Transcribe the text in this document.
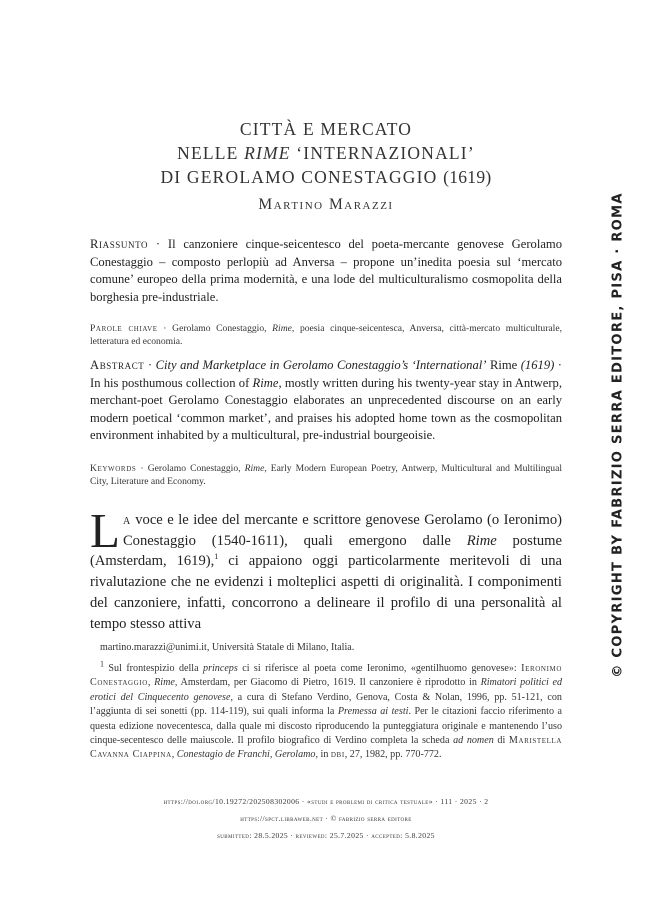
CITTÀ E MERCATO
NELLE RIME ‘INTERNAZIONALI’
DI GEROLAMO CONESTAGGIO (1619)
Martino Marazzi
Riassunto · Il canzoniere cinque-seicentesco del poeta-mercante genovese Gerolamo Conestaggio – composto perlopiù ad Anversa – propone un’inedita poesia sul ‘mercato comune’ europeo della prima modernità, e una lode del multiculturalismo cosmopolita della borghesia pre-industriale.
Parole chiave · Gerolamo Conestaggio, Rime, poesia cinque-seicentesca, Anversa, città-mercato multiculturale, letteratura ed economia.
Abstract · City and Marketplace in Gerolamo Conestaggio’s ‘International’ Rime (1619) · In his posthumous collection of Rime, mostly written during his twenty-year stay in Antwerp, merchant-poet Gerolamo Conestaggio elaborates an unprecedented discourse on an early modern poetical ‘common market’, and praises his adopted home town as the cosmopolitan environment inhabited by a multicultural, pre-industrial bourgeoisie.
Keywords · Gerolamo Conestaggio, Rime, Early Modern European Poetry, Antwerp, Multicultural and Multilingual City, Literature and Economy.
La voce e le idee del mercante e scrittore genovese Gerolamo (o Ieronimo) Conestaggio (1540-1611), quali emergono dalle Rime postume (Amsterdam, 1619),$^1$ ci appaiono oggi particolarmente meritevoli di una rivalutazione che ne evidenzi i molteplici aspetti di originalità. I componimenti del canzoniere, infatti, concorrono a delineare il profilo di una personalità al tempo stesso attiva
martino.marazzi@unimi.it, Università Statale di Milano, Italia.
$^1$ Sul frontespizio della princeps ci si riferisce al poeta come Ieronimo, «gentilhuomo genovese»: Ieronimo Conestaggio, Rime, Amsterdam, per Giacomo di Pietro, 1619. Il canzoniere è riprodotto in Rimatori politici ed erotici del Cinquecento genovese, a cura di Stefano Verdino, Genova, Costa & Nolan, 1996, pp. 51-121, con l’aggiunta di sei sonetti (pp. 114-119), sui quali informa la Premessa ai testi. Per le citazioni faccio riferimento a questa edizione novecentesca, dalla quale mi discosto riproducendo la punteggiatura originale e mantenendo l’uso cinque-secentesco delle maiuscole. Il profilo biografico di Verdino completa la scheda ad nomen di Maristella Cavanna Ciappina, Conestagio de Franchi, Gerolamo, in dbi, 27, 1982, pp. 770-772.
https://doi.org/10.19272/202508302006 · «studi e problemi di critica testuale» · 111 · 2025 · 2
https://spct.libraweb.net · © fabrizio serra editore
submitted: 28.5.2025 · reviewed: 25.7.2025 · accepted: 5.8.2025
© COPYRIGHT BY FABRIZIO SERRA EDITORE, PISA · ROMA
